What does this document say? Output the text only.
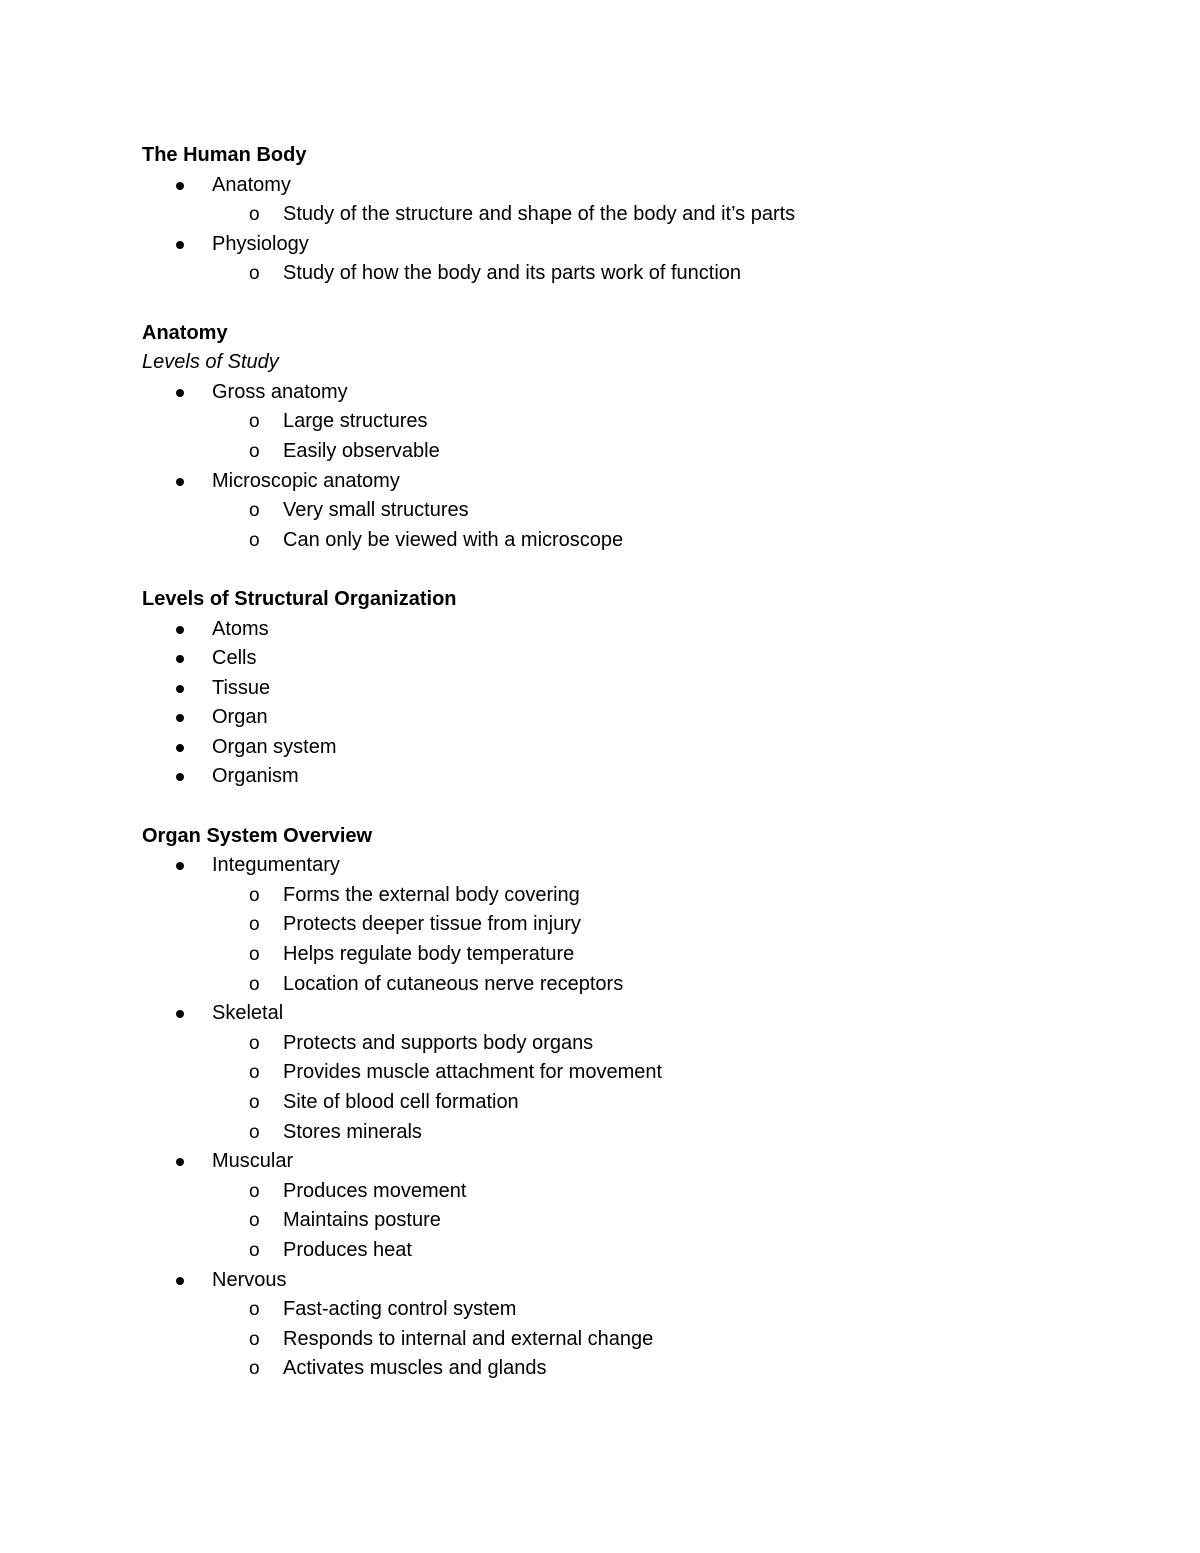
The Human Body
Anatomy
o Study of the structure and shape of the body and it’s parts
Physiology
o Study of how the body and its parts work of function
Anatomy
Levels of Study
Gross anatomy
o Large structures
o Easily observable
Microscopic anatomy
o Very small structures
o Can only be viewed with a microscope
Levels of Structural Organization
Atoms
Cells
Tissue
Organ
Organ system
Organism
Organ System Overview
Integumentary
o Forms the external body covering
o Protects deeper tissue from injury
o Helps regulate body temperature
o Location of cutaneous nerve receptors
Skeletal
o Protects and supports body organs
o Provides muscle attachment for movement
o Site of blood cell formation
o Stores minerals
Muscular
o Produces movement
o Maintains posture
o Produces heat
Nervous
o Fast-acting control system
o Responds to internal and external change
o Activates muscles and glands
